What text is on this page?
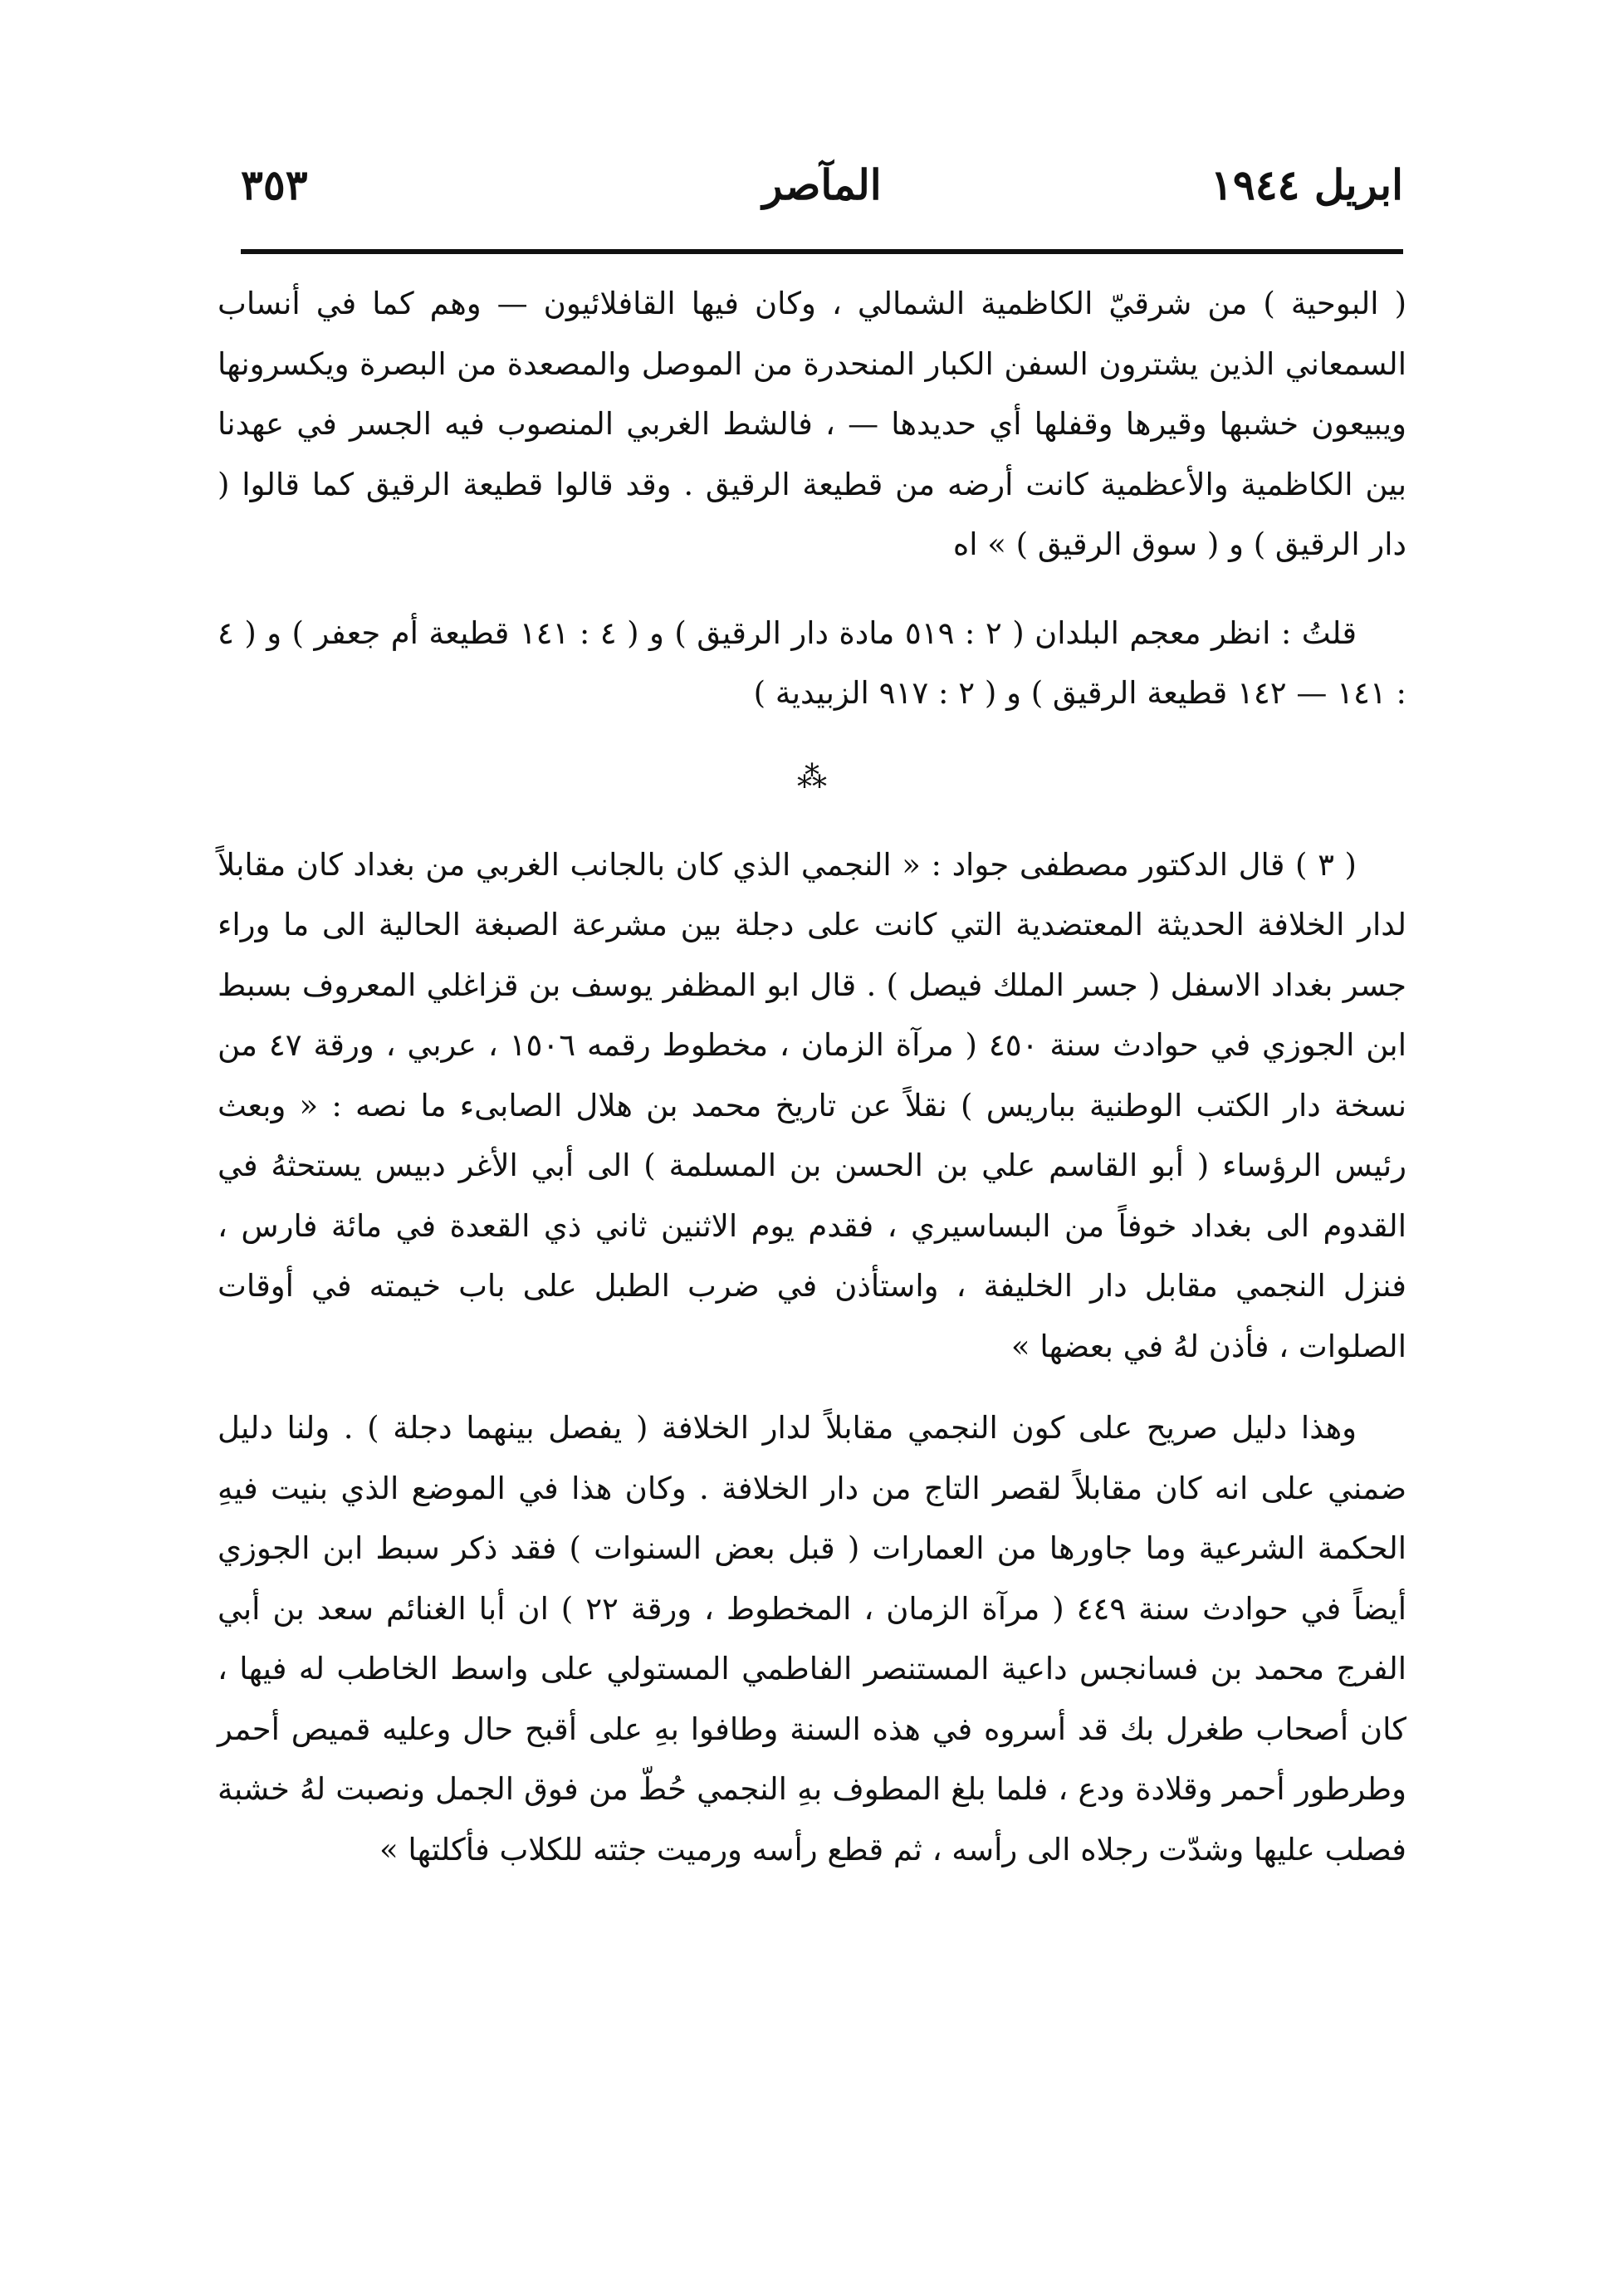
ابريل ١٩٤٤
المآصر
٣٥٣

( البوحية ) من شرقيّ الكاظمية الشمالي ، وكان فيها القافلائيون — وهم كما في أنساب السمعاني الذين يشترون السفن الكبار المنحدرة من الموصل والمصعدة من البصرة ويكسرونها ويبيعون خشبها وقيرها وقفلها أي حديدها — ، فالشط الغربي المنصوب فيه الجسر في عهدنا بين الكاظمية والأعظمية كانت أرضه من قطيعة الرقيق . وقد قالوا قطيعة الرقيق كما قالوا ( دار الرقيق ) و ( سوق الرقيق ) » اه

قلتُ : انظر معجم البلدان ( ٢ : ٥١٩ مادة دار الرقيق ) و ( ٤ : ١٤١ قطيعة أم جعفر ) و ( ٤ : ١٤١ — ١٤٢ قطيعة الرقيق ) و ( ٢ : ٩١٧ الزبيدية )

⁂

( ٣ ) قال الدكتور مصطفى جواد : « النجمي الذي كان بالجانب الغربي من بغداد كان مقابلاً لدار الخلافة الحديثة المعتضدية التي كانت على دجلة بين مشرعة الصبغة الحالية الى ما وراء جسر بغداد الاسفل ( جسر الملك فيصل ) . قال ابو المظفر يوسف بن قزاغلي المعروف بسبط ابن الجوزي في حوادث سنة ٤٥٠ ( مرآة الزمان ، مخطوط رقمه ١٥٠٦ ، عربي ، ورقة ٤٧ من نسخة دار الكتب الوطنية بباريس ) نقلاً عن تاريخ محمد بن هلال الصابىء ما نصه : « وبعث رئيس الرؤساء ( أبو القاسم علي بن الحسن بن المسلمة ) الى أبي الأغر دبيس يستحثهُ في القدوم الى بغداد خوفاً من البساسيري ، فقدم يوم الاثنين ثاني ذي القعدة في مائة فارس ، فنزل النجمي مقابل دار الخليفة ، واستأذن في ضرب الطبل على باب خيمته في أوقات الصلوات ، فأذن لهُ في بعضها »

وهذا دليل صريح على كون النجمي مقابلاً لدار الخلافة ( يفصل بينهما دجلة ) . ولنا دليل ضمني على انه كان مقابلاً لقصر التاج من دار الخلافة . وكان هذا في الموضع الذي بنيت فيهِ الحكمة الشرعية وما جاورها من العمارات ( قبل بعض السنوات ) فقد ذكر سبط ابن الجوزي أيضاً في حوادث سنة ٤٤٩ ( مرآة الزمان ، المخطوط ، ورقة ٢٢ ) ان أبا الغنائم سعد بن أبي الفرج محمد بن فسانجس داعية المستنصر الفاطمي المستولي على واسط الخاطب له فيها ، كان أصحاب طغرل بك قد أسروه في هذه السنة وطافوا بهِ على أقبح حال وعليه قميص أحمر وطرطور أحمر وقلادة ودع ، فلما بلغ المطوف بهِ النجمي حُطّ من فوق الجمل ونصبت لهُ خشبة فصلب عليها وشدّت رجلاه الى رأسه ، ثم قطع رأسه ورميت جثته للكلاب فأكلتها »
